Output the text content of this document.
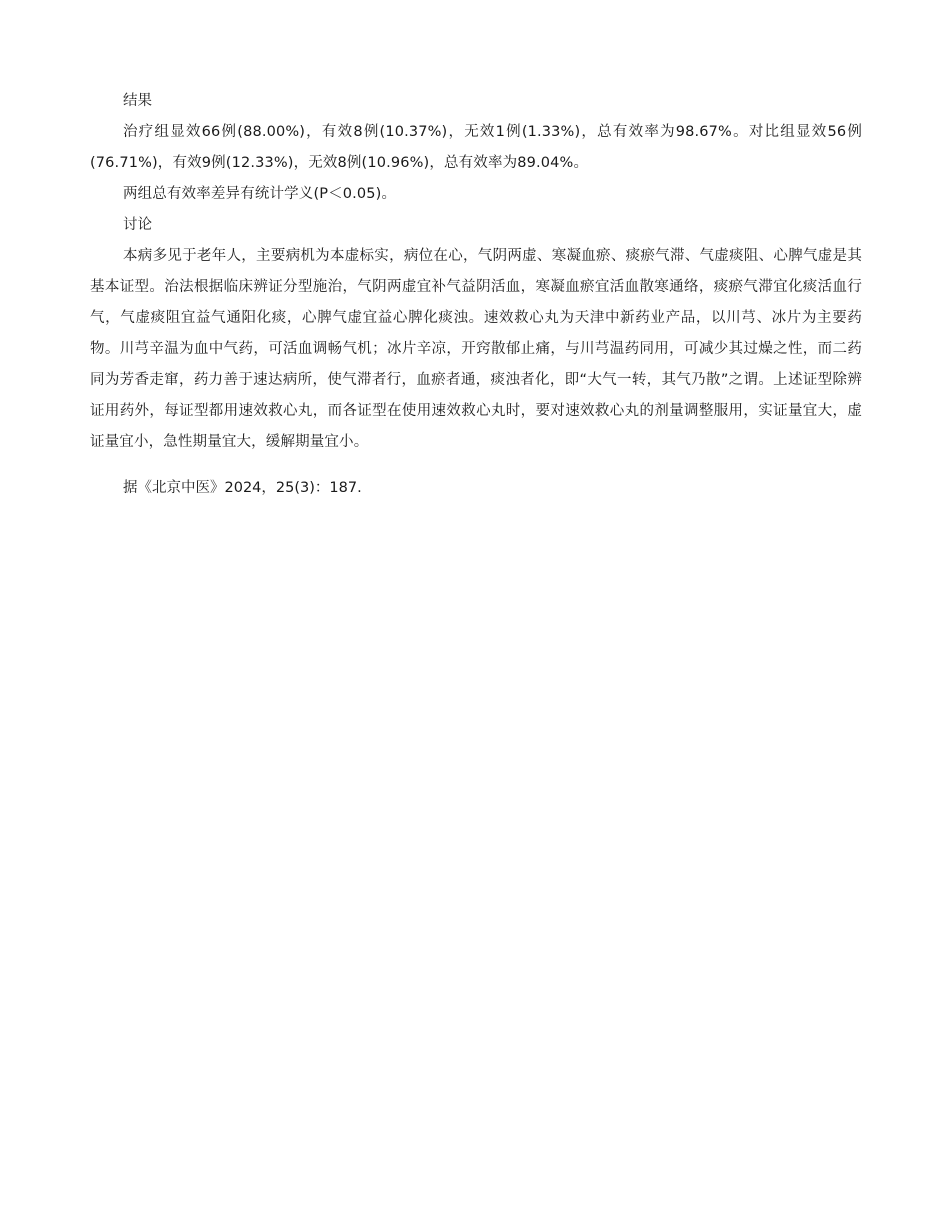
结果

治疗组显效66例(88.00%)，有效8例(10.37%)，无效1例(1.33%)，总有效率为98.67%。对比组显效56例(76.71%)，有效9例(12.33%)，无效8例(10.96%)，总有效率为89.04%。

两组总有效率差异有统计学义(P＜0.05)。

讨论

本病多见于老年人，主要病机为本虚标实，病位在心，气阴两虚、寒凝血瘀、痰瘀气滞、气虚痰阻、心脾气虚是其基本证型。治法根据临床辨证分型施治，气阴两虚宜补气益阴活血，寒凝血瘀宜活血散寒通络，痰瘀气滞宜化痰活血行气，气虚痰阻宜益气通阳化痰，心脾气虚宜益心脾化痰浊。速效救心丸为天津中新药业产品，以川芎、冰片为主要药物。川芎辛温为血中气药，可活血调畅气机；冰片辛凉，开窍散郁止痛，与川芎温药同用，可减少其过燥之性，而二药同为芳香走窜，药力善于速达病所，使气滞者行，血瘀者通，痰浊者化，即“大气一转，其气乃散”之谓。上述证型除辨证用药外，每证型都用速效救心丸，而各证型在使用速效救心丸时，要对速效救心丸的剂量调整服用，实证量宜大，虚证量宜小，急性期量宜大，缓解期量宜小。

据《北京中医》2024，25(3)：187.
